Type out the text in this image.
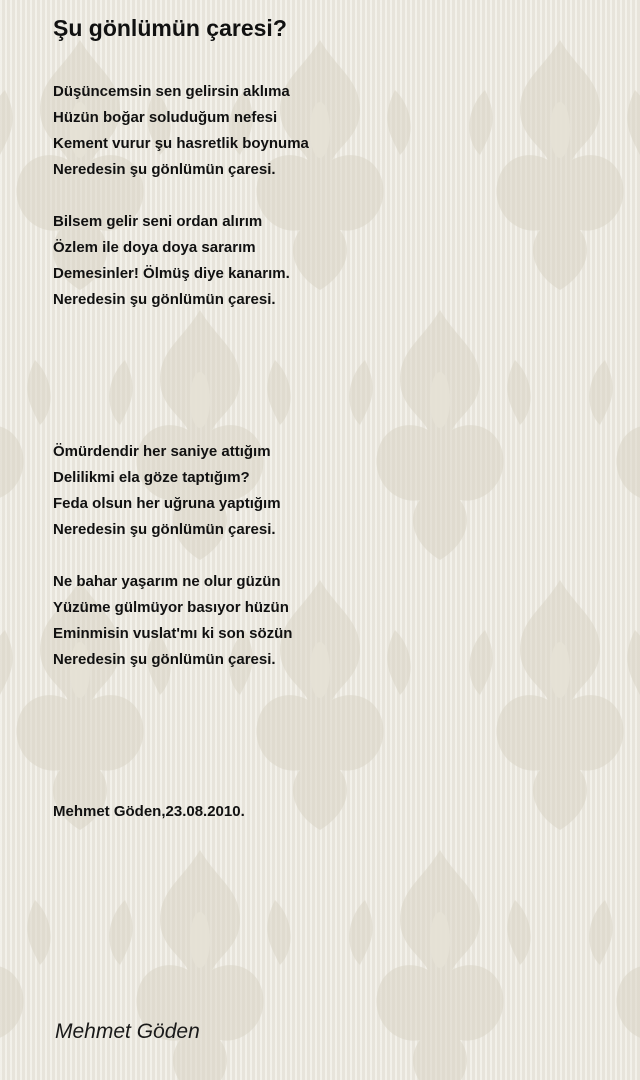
Şu gönlümün çaresi?
Düşüncemsin sen gelirsin aklıma
Hüzün boğar soluduğum nefesi
Kement vurur şu hasretlik boynuma
Neredesin şu gönlümün çaresi.
Bilsem gelir seni ordan alırım
Özlem ile doya doya sararım
Demesinler! Ölmüş diye kanarım.
Neredesin şu gönlümün çaresi.
Ömürdendir her saniye attığım
Delilikmi ela göze taptığım?
Feda olsun her uğruna yaptığım
Neredesin şu gönlümün çaresi.
Ne bahar yaşarım ne olur güzün
Yüzüme gülmüyor basıyor hüzün
Eminmisin vuslat'mı ki son sözün
Neredesin şu gönlümün çaresi.
Mehmet Göden,23.08.2010.
Mehmet Göden
